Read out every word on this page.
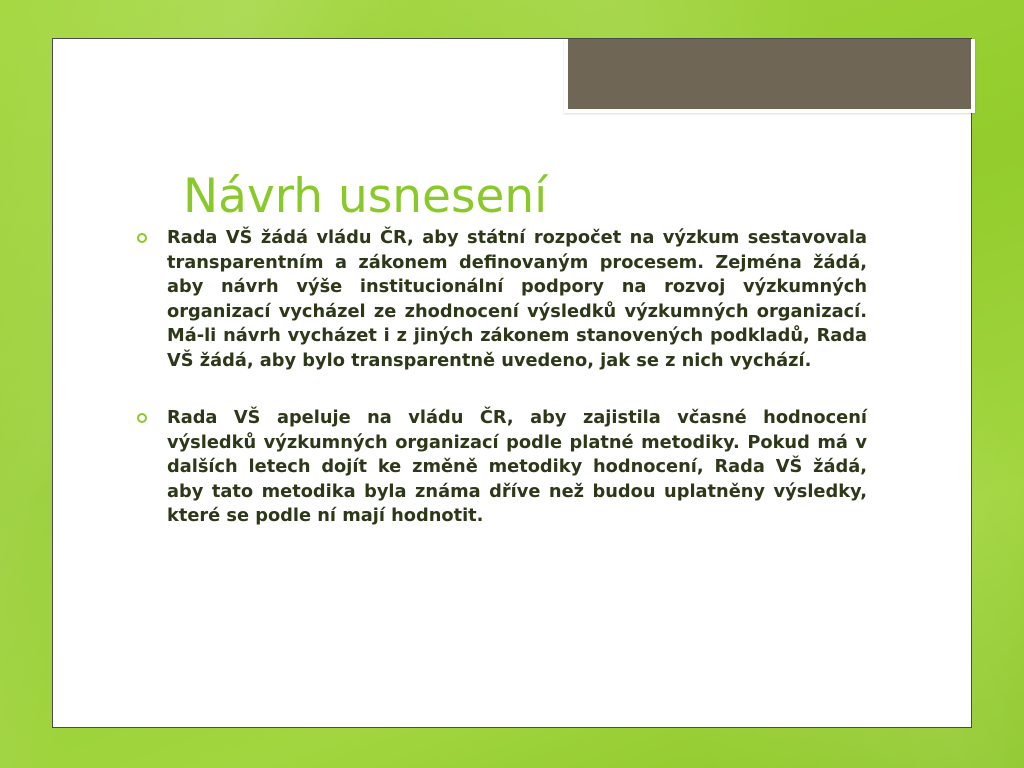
Návrh usnesení
Rada VŠ žádá vládu ČR, aby státní rozpočet na výzkum sestavovala transparentním a zákonem definovaným procesem. Zejména žádá, aby návrh výše institucionální podpory na rozvoj výzkumných organizací vycházel ze zhodnocení výsledků výzkumných organizací. Má-li návrh vycházet i z jiných zákonem stanovených podkladů, Rada VŠ žádá, aby bylo transparentně uvedeno, jak se z nich vychází.
Rada VŠ apeluje na vládu ČR, aby zajistila včasné hodnocení výsledků výzkumných organizací podle platné metodiky. Pokud má v dalších letech dojít ke změně metodiky hodnocení, Rada VŠ žádá, aby tato metodika byla známa dříve než budou uplatněny výsledky, které se podle ní mají hodnotit.
